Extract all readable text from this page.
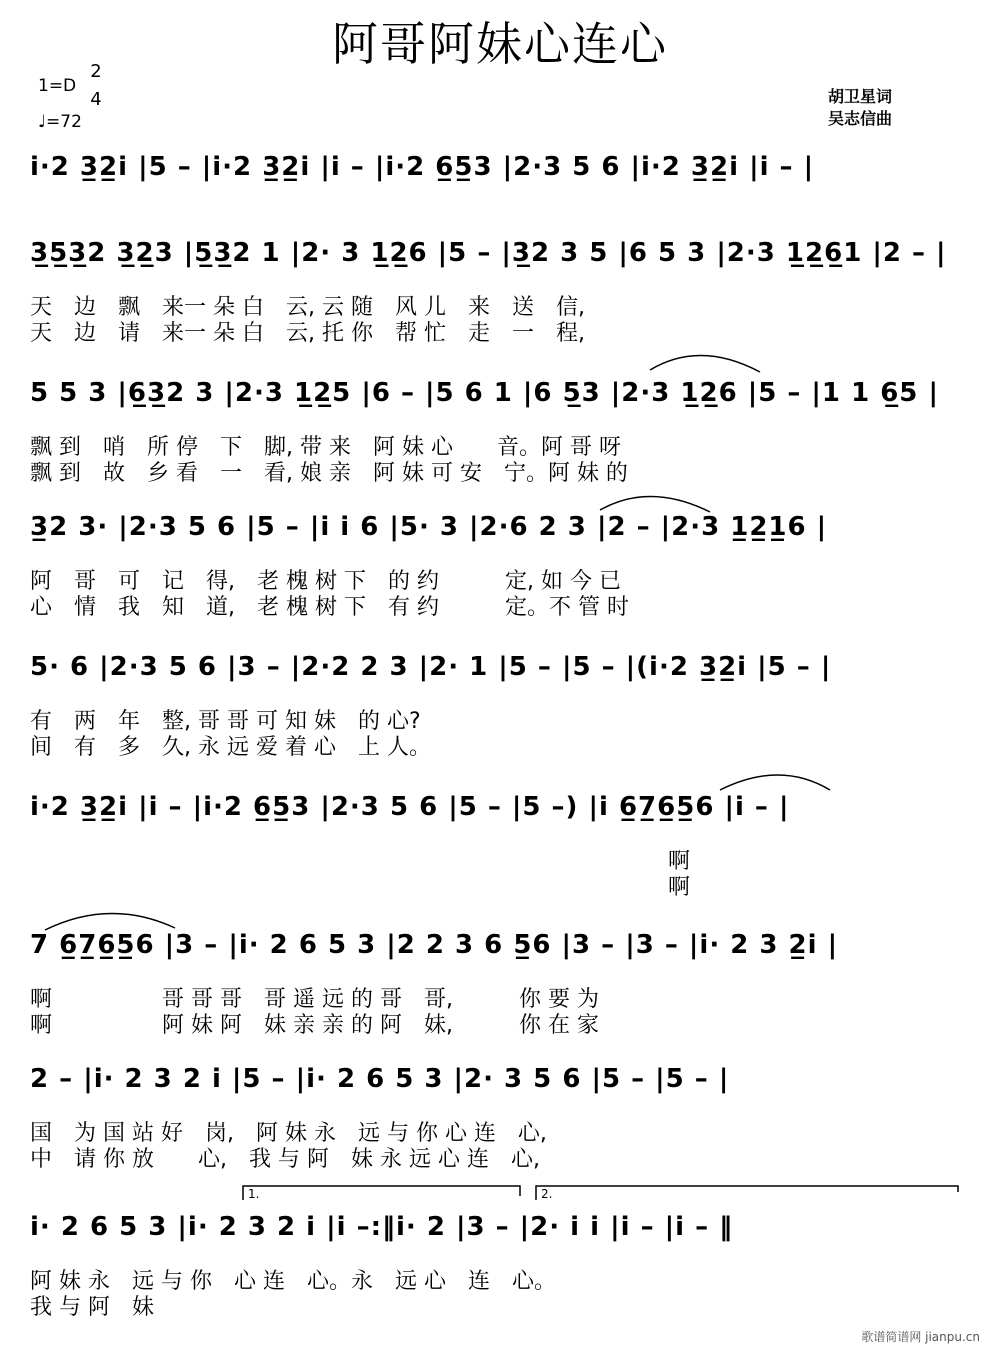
阿哥阿妹心连心
1=D
2
4
♩=72
胡卫星词
吴志信曲
i·2 3̲2̲i |5 – |i·2 3̲2̲i |i – |i·2 6̲5̲3 |2·3 5 6 |i·2 3̲2̲i |i – |
3̲5̲3̲2 3̲2̲3 |5̲3̲2 1 |2· 3 1̲2̲6 |5 – |3̲2 3 5 |6 5 3 |2·3 1̲2̲6̲1 |2 – |
天　边　飘　来一 朵 白　云, 云 随　风 儿　来　送　信,
天　边　请　来一 朵 白　云, 托 你　帮 忙　走　一　程,
5 5 3 |6̲3̲2 3 |2·3 1̲2̲5 |6 – |5 6 1 |6 5̲3 |2·3 1̲2̲6 |5 – |1 1 6̲5 |
飘 到　哨　所 停　下　脚, 带 来　阿 妹 心　　音。阿 哥 呀
飘 到　故　乡 看　一　看, 娘 亲　阿 妹 可 安　宁。阿 妹 的
3̲2 3· |2·3 5 6 |5 – |i i 6 |5· 3 |2·6 2 3 |2 – |2·3 1̲2̲1̲6 |
阿　哥　可　记　得,　老 槐 树 下　的 约　　　定, 如 今 已
心　情　我　知　道,　老 槐 树 下　有 约　　　定。不 管 时
5· 6 |2·3 5 6 |3 – |2·2 2 3 |2· 1 |5 – |5 – |(i·2 3̲2̲i |5 – |
有　两　年　整, 哥 哥 可 知 妹　的 心?
间　有　多　久, 永 远 爱 着 心　上 人。
i·2 3̲2̲i |i – |i·2 6̲5̲3 |2·3 5 6 |5 – |5 –) |i 6̲7̲6̲5̲6 |i – |
　　　　　　　　　　　　　　　　　　　　　　　　　　　　　啊
　　　　　　　　　　　　　　　　　　　　　　　　　　　　　啊
7 6̲7̲6̲5̲6 |3 – |i· 2 6 5 3 |2 2 3 6 5̲6 |3 – |3 – |i· 2 3 2̲i |
啊　　　　　哥 哥 哥　哥 遥 远 的 哥　哥,　　　你 要 为
啊　　　　　阿 妹 阿　妹 亲 亲 的 阿　妹,　　　你 在 家
2 – |i· 2 3 2 i |5 – |i· 2 6 5 3 |2· 3 5 6 |5 – |5 – |
国　为 国 站 好　岗,　阿 妹 永　远 与 你 心 连　心,
中　请 你 放　　心,　我 与 阿　妹 永 远 心 连　心,
i· 2 6 5 3 |i· 2 3 2 i |i –:‖i· 2 |3 – |2· i i |i – |i – ‖
阿 妹 永　远 与 你　心 连　心。永　远 心　连　心。
我 与 阿　妹
1.	2.
歌谱简谱网 jianpu.cn
